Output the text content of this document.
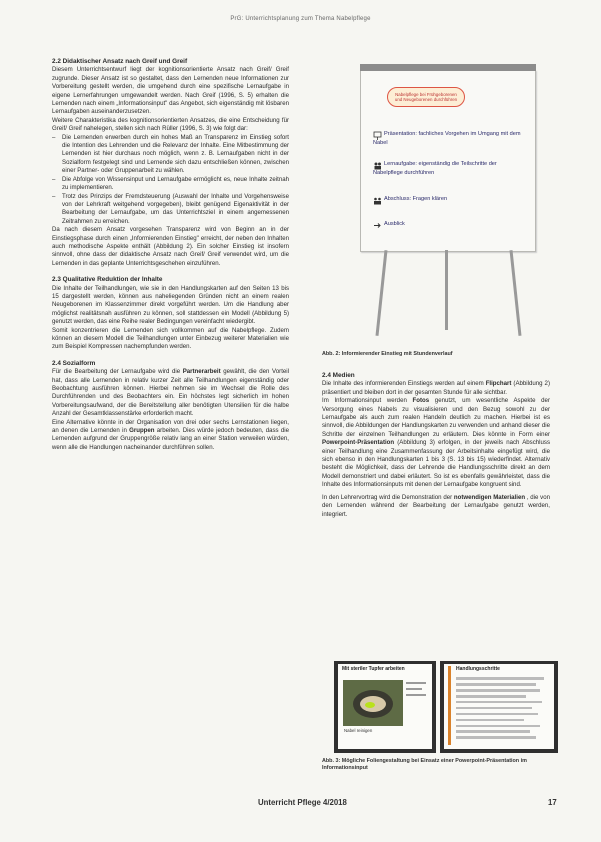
PrG: Unterrichtsplanung zum Thema Nabelpflege
2.2 Didaktischer Ansatz nach Greif und Greif

Diesem Unterrichtsentwurf liegt der kognitionsorientierte Ansatz nach Greif/ Greif zugrunde. Dieser Ansatz ist so gestaltet, dass den Lernenden neue Informationen zur Vorbereitung gestellt werden, die umgehend durch eine spezifische Lernaufgabe in eigene Lernerfahrungen umgewandelt werden. Nach Greif (1996, S. 5) erhalten die Lernenden nach einem „Informationsinput" das Angebot, sich eigenständig mit lösbaren Lernaufgaben auseinanderzusetzen.

Weitere Charakteristika des kognitionsorientierten Ansatzes, die eine Entscheidung für Greif/ Greif nahelegen, stellen sich nach Rüller (1996, S. 3) wie folgt dar:

– Die Lernenden erwerben durch ein hohes Maß an Transparenz im Einstieg sofort die Intention des Lehrenden und die Relevanz der Inhalte. Eine Mitbestimmung der Lernenden ist hier durchaus noch möglich, wenn z. B. Lernaufgaben nicht in der Sozialform festgelegt sind und Lernende sich dazu entschließen können, zwischen einer Partner- oder Gruppenarbeit zu wählen.
– Die Abfolge von Wissensinput und Lernaufgabe ermöglicht es, neue Inhalte zeitnah zu implementieren.
– Trotz des Prinzips der Fremdsteuerung (Auswahl der Inhalte und Vorgehensweise von der Lehrkraft weitgehend vorgegeben), bleibt genügend Eigenaktivität in der Bearbeitung der Lernaufgabe, um das Unterrichtsziel in einem angemessenen Zeitrahmen zu erreichen.

Da nach diesem Ansatz vorgesehen Transparenz wird von Beginn an in der Einstiegsphase durch einen „Informierenden Einstieg" erreicht, der neben den Inhalten auch methodische Aspekte enthält (Abbildung 2). Ein solcher Einstieg ist insofern sinnvoll, ohne dass der didaktische Ansatz nach Greif/ Greif verwendet wird, um die Lernenden in das geplante Unterrichtsgeschehen einzuführen.

2.3 Qualitative Reduktion der Inhalte

Die Inhalte der Teilhandlungen, wie sie in den Handlungskarten auf den Seiten 13 bis 15 dargestellt werden, können aus naheliegenden Gründen nicht an einem realen Neugeborenen im Klassenzimmer direkt vorgeführt werden. Um die Handlung aber möglichst realitätsnah ausführen zu können, soll stattdessen ein Modell (Abbildung 5) genutzt werden, das eine Reihe realer Bedingungen vereinfacht wiedergibt.

Somit konzentrieren die Lernenden sich vollkommen auf die Nabelpflege. Zudem können an diesem Modell die Teilhandlungen unter Einbezug weiterer Materialien wie zum Beispiel Kompressen nachempfunden werden.

2.4 Sozialform

Für die Bearbeitung der Lernaufgabe wird die Partnerarbeit gewählt, die den Vorteil hat, dass alle Lernenden in relativ kurzer Zeit alle Teilhandlungen eigenständig oder Beobachtung ausführen können. Hierbei nehmen sie im Wechsel die Rolle des Durchführenden und des Beobachters ein. Ein höchstes legt sicherlich im hohen Vorbereitungsaufwand, der die Bereitstellung aller benötigten Utensilien für die halbe Anzahl der Gesamtklassenstärke erforderlich macht.

Eine Alternative könnte in der Organisation von drei oder sechs Lernstationen liegen, an denen die Lernenden in Gruppen arbeiten. Dies würde jedoch bedeuten, dass die Lernenden aufgrund der Gruppengröße relativ lang an einer Station verweilen würden, wenn alle die Handlungen nacheinander durchführen sollen.

Nabelpflege bei Frühgeborenen und Neugeborenen durchführen
Präsentation: fachliches Vorgehen im Umgang mit dem Nabel
Lernaufgabe: eigenständig die Teilschritte der Nabelpflege durchführen
Abschluss: Fragen klären
Ausblick
Abb. 2: Informierender Einstieg mit Stundenverlauf
2.4 Medien

Die Inhalte des informierenden Einstiegs werden auf einem Flipchart (Abbildung 2) präsentiert und bleiben dort in der gesamten Stunde für alle sichtbar.

Im Informationsinput werden Fotos genutzt, um wesentliche Aspekte der Versorgung eines Nabels zu visualisieren und den Bezug sowohl zu der Lernaufgabe als auch zum realen Handeln deutlich zu machen. Hierbei ist es sinnvoll, die Abbildungen der Handlungskarten zu verwenden und anhand dieser die Schritte der einzelnen Teilhandlungen zu erläutern. Dies könnte in Form einer Powerpoint-Präsentation (Abbildung 3) erfolgen, in der jeweils nach Abschluss einer Teilhandlung eine Zusammenfassung der Arbeitsinhalte eingefügt wird, die sich ebenso in den Handlungskarten 1 bis 3 (S. 13 bis 15) wiederfindet. Alternativ besteht die Möglichkeit, dass der Lehrende die Handlungsschritte direkt an dem Modell demonstriert und dabei erläutert. So ist es ebenfalls gewährleistet, dass die Inhalte des Informationsinputs mit denen der Lernaufgabe kongruent sind.

In den Lehrervortrag wird die Demonstration der notwendigen Materialien , die von den Lernenden während der Bearbeitung der Lernaufgabe genutzt werden, integriert.

Mit steriler Tupfer arbeiten
Nabel reinigen
Handlungsschritte
Abb. 3: Mögliche Foliengestaltung bei Einsatz einer Powerpoint-Präsentation im Informationsinput
Unterricht Pflege 4/2018	17
